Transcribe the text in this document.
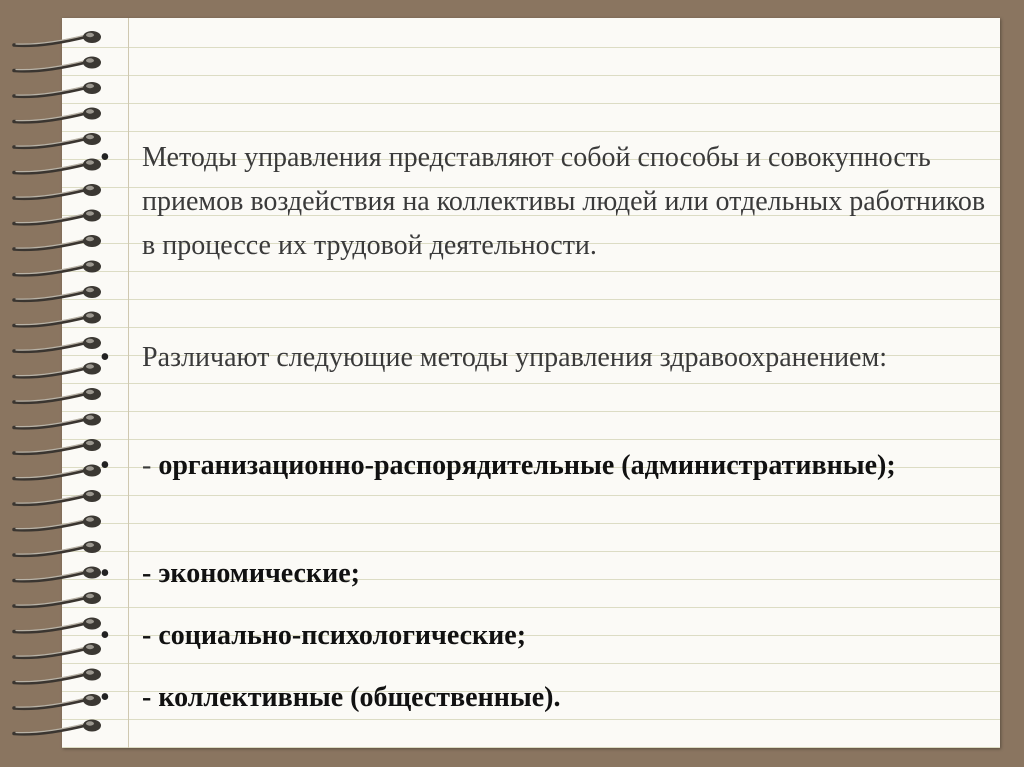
• Методы управления представляют собой способы и совокупность приемов воздействия на коллективы людей или отдельных работников в процессе их трудовой деятельности.
• Различают следующие методы управления здравоохранением:
• - организационно-распорядительные (административные);
• - экономические;
• - социально-психологические;
• - коллективные (общественные).
